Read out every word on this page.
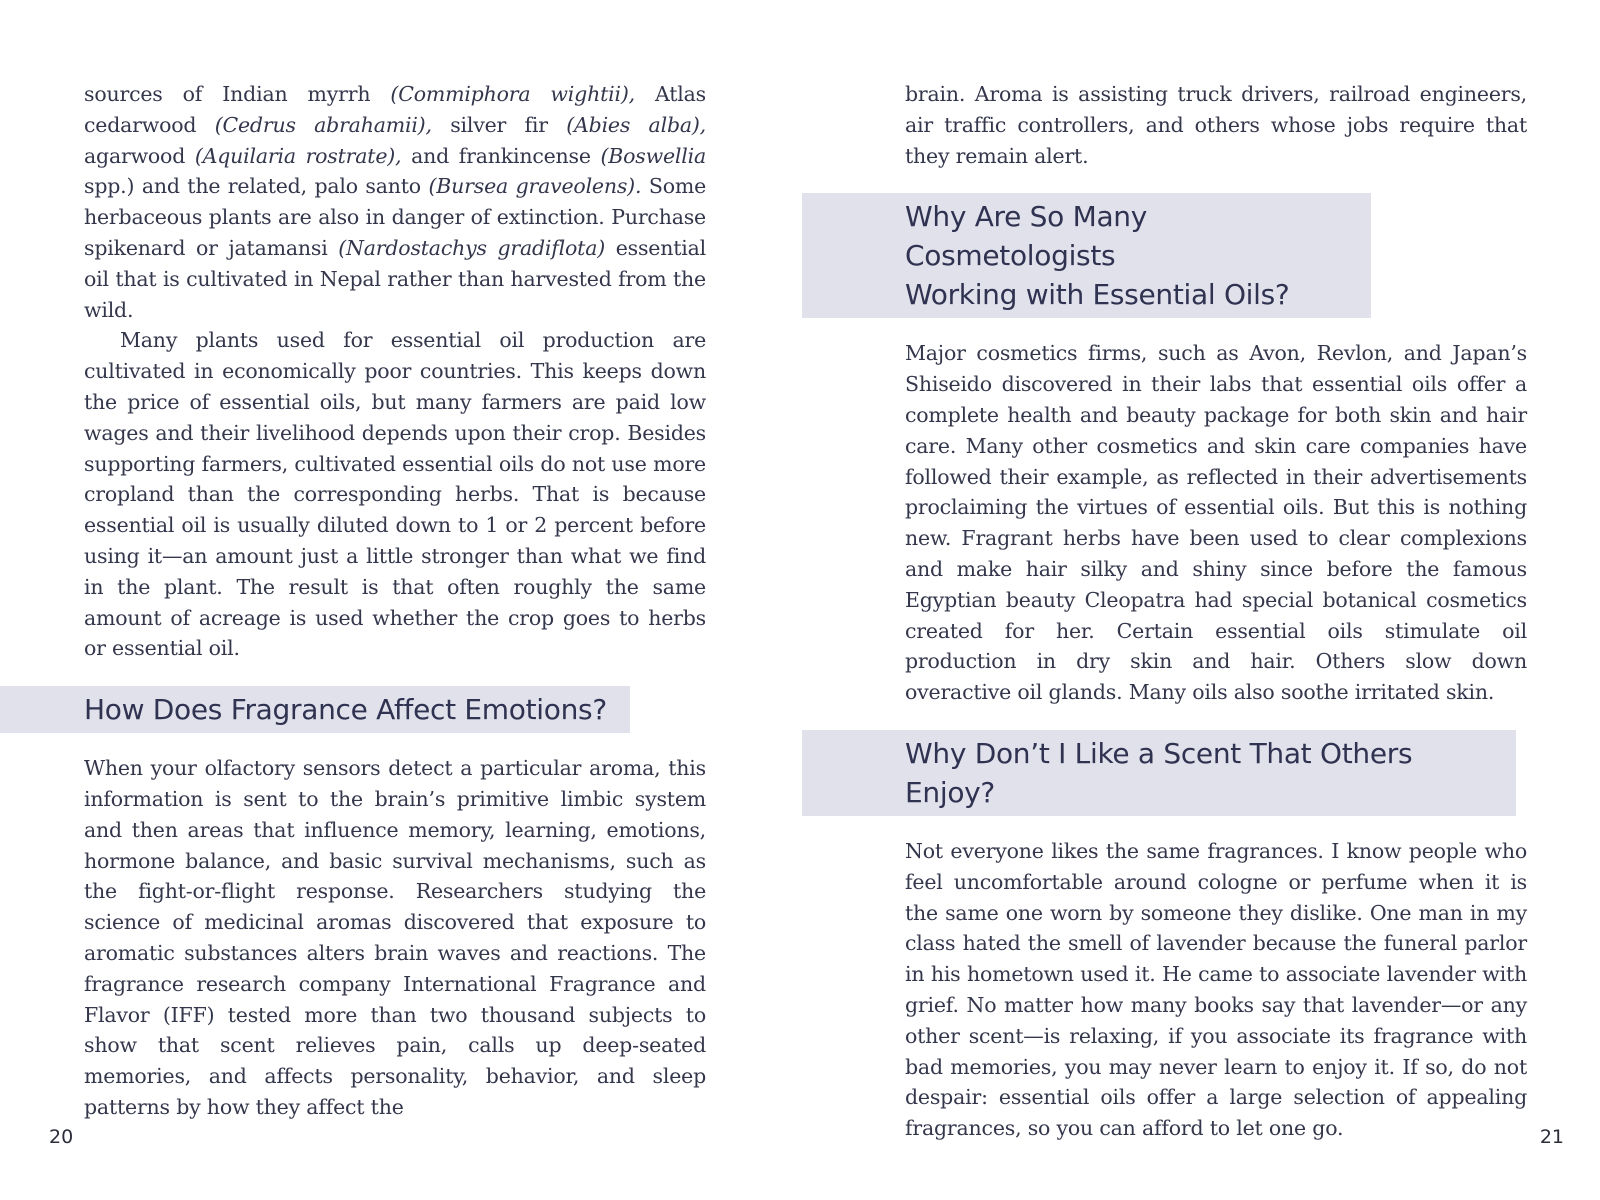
sources of Indian myrrh (Commiphora wightii), Atlas cedarwood (Cedrus abrahamii), silver fir (Abies alba), agarwood (Aquilaria rostrate), and frankincense (Boswellia spp.) and the related, palo santo (Bursea graveolens). Some herbaceous plants are also in danger of extinction. Purchase spikenard or jatamansi (Nardostachys gradiflota) essential oil that is cultivated in Nepal rather than harvested from the wild.

Many plants used for essential oil production are cultivated in economically poor countries. This keeps down the price of essential oils, but many farmers are paid low wages and their livelihood depends upon their crop. Besides supporting farmers, cultivated essential oils do not use more cropland than the corresponding herbs. That is because essential oil is usually diluted down to 1 or 2 percent before using it—an amount just a little stronger than what we find in the plant. The result is that often roughly the same amount of acreage is used whether the crop goes to herbs or essential oil.

How Does Fragrance Affect Emotions?

When your olfactory sensors detect a particular aroma, this information is sent to the brain’s primitive limbic system and then areas that influence memory, learning, emotions, hormone balance, and basic survival mechanisms, such as the fight-or-flight response. Researchers studying the science of medicinal aromas discovered that exposure to aromatic substances alters brain waves and reactions. The fragrance research company International Fragrance and Flavor (IFF) tested more than two thousand subjects to show that scent relieves pain, calls up deep-seated memories, and affects personality, behavior, and sleep patterns by how they affect the

20

brain. Aroma is assisting truck drivers, railroad engineers, air traffic controllers, and others whose jobs require that they remain alert.

Why Are So Many Cosmetologists
Working with Essential Oils?

Major cosmetics firms, such as Avon, Revlon, and Japan’s Shiseido discovered in their labs that essential oils offer a complete health and beauty package for both skin and hair care. Many other cosmetics and skin care companies have followed their example, as reflected in their advertisements proclaiming the virtues of essential oils. But this is nothing new. Fragrant herbs have been used to clear complexions and make hair silky and shiny since before the famous Egyptian beauty Cleopatra had special botanical cosmetics created for her. Certain essential oils stimulate oil production in dry skin and hair. Others slow down overactive oil glands. Many oils also soothe irritated skin.

Why Don’t I Like a Scent That Others Enjoy?

Not everyone likes the same fragrances. I know people who feel uncomfortable around cologne or perfume when it is the same one worn by someone they dislike. One man in my class hated the smell of lavender because the funeral parlor in his hometown used it. He came to associate lavender with grief. No matter how many books say that lavender—or any other scent—is relaxing, if you associate its fragrance with bad memories, you may never learn to enjoy it. If so, do not despair: essential oils offer a large selection of appealing fragrances, so you can afford to let one go.	21
